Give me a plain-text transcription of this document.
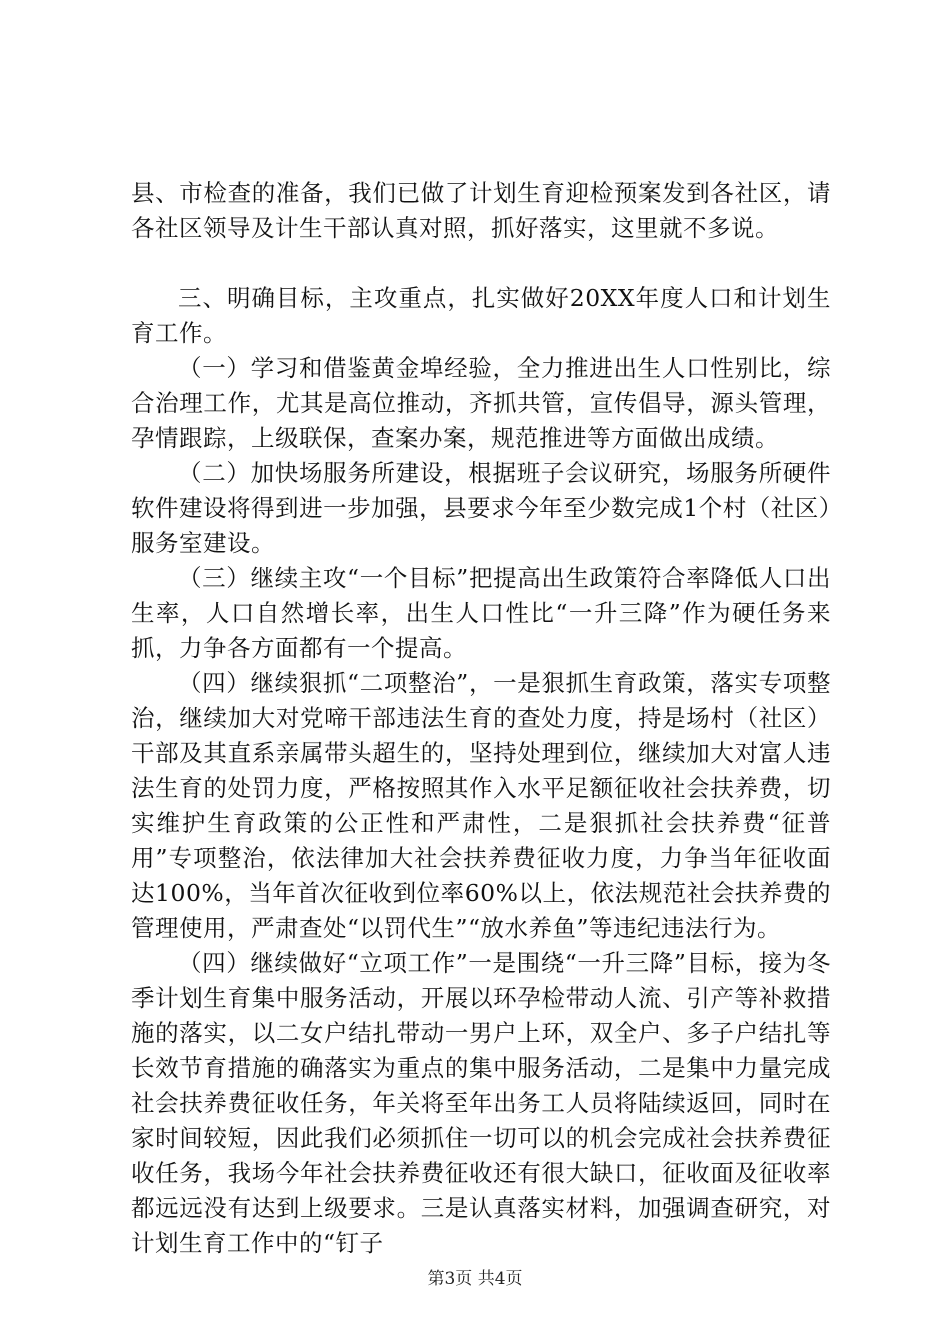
县、市检查的准备，我们已做了计划生育迎检预案发到各社区，请各社区领导及计生干部认真对照，抓好落实，这里就不多说。

三、明确目标，主攻重点，扎实做好20XX年度人口和计划生育工作。

（一）学习和借鉴黄金埠经验，全力推进出生人口性别比，综合治理工作，尤其是高位推动，齐抓共管，宣传倡导，源头管理，孕情跟踪，上级联保，查案办案，规范推进等方面做出成绩。

（二）加快场服务所建设，根据班子会议研究，场服务所硬件软件建设将得到进一步加强，县要求今年至少数完成1个村（社区）服务室建设。

（三）继续主攻“一个目标”把提高出生政策符合率降低人口出生率，人口自然增长率，出生人口性比“一升三降”作为硬任务来抓，力争各方面都有一个提高。

（四）继续狠抓“二项整治”，一是狠抓生育政策，落实专项整治，继续加大对党啼干部违法生育的查处力度，持是场村（社区）干部及其直系亲属带头超生的，坚持处理到位，继续加大对富人违法生育的处罚力度，严格按照其作入水平足额征收社会扶养费，切实维护生育政策的公正性和严肃性，二是狠抓社会扶养费“征普用”专项整治，依法律加大社会扶养费征收力度，力争当年征收面达100%，当年首次征收到位率60%以上，依法规范社会扶养费的管理使用，严肃查处“以罚代生”“放水养鱼”等违纪违法行为。

（四）继续做好“立项工作”一是围绕“一升三降”目标，接为冬季计划生育集中服务活动，开展以环孕检带动人流、引产等补救措施的落实，以二女户结扎带动一男户上环，双全户、多子户结扎等长效节育措施的确落实为重点的集中服务活动，二是集中力量完成社会扶养费征收任务，年关将至年出务工人员将陆续返回，同时在家时间较短，因此我们必须抓住一切可以的机会完成社会扶养费征收任务，我场今年社会扶养费征收还有很大缺口，征收面及征收率都远远没有达到上级要求。三是认真落实材料，加强调查研究，对计划生育工作中的“钉子

第3页 共4页
